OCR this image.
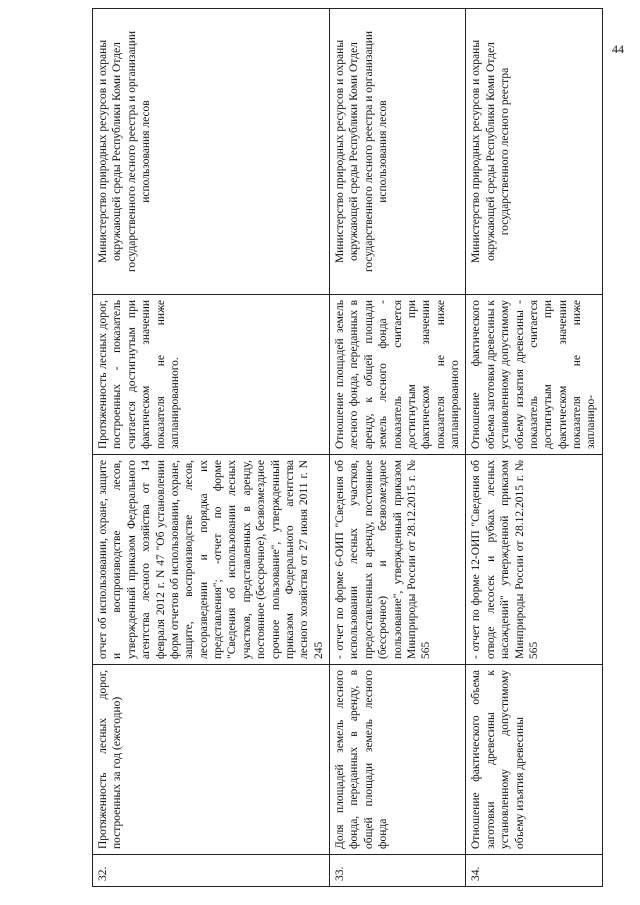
44
32.	Протяженность лесных дорог, построенных за год (ежегодно)	отчет об использовании, охране, защите и воспроизводстве лесов, утвержденный приказом Федерального агентства лесного хозяйства от 14 февраля 2012 г. N 47 "Об установлении форм отчетов об использовании, охране, защите, воспроизводстве лесов, лесоразведении и порядка их представления"; -отчет по форме "Сведения об использовании лесных участков, представленных в аренду, постоянное (бессрочное), безвозмездное срочное пользование", утвержденный приказом Федерального агентства лесного хозяйства от 27 июня 2011 г. N 245	Протяженность лесных дорог, построенных - показатель считается достигнутым при фактическом значении показателя не ниже запланированного.	Министерство природных ресурсов и охраны окружающей среды Республики Коми Отдел государственного лесного реестра и организации использования лесов
33.	Доля площадей земель лесного фонда, переданных в аренду, в общей площади земель лесного фонда	- отчет по форме 6-ОИП "Сведения об использовании лесных участков, предоставленных в аренду, постоянное (бессрочное) и безвозмездное пользование", утвержденный приказом Минприроды России от 28.12.2015 г. № 565	Отношение площадей земель лесного фонда, переданных в аренду, к общей площади земель лесного фонда - показатель считается достигнутым при фактическом значении показателя не ниже запланированного	Министерство природных ресурсов и охраны окружающей среды Республики Коми Отдел государственного лесного реестра и организации использования лесов
34.	Отношение фактического объема заготовки древесины к установленному допустимому объему изъятия древесины	- отчет по форме 12-ОИП "Сведения об отводе лесосек и рубках лесных насаждений" утвержденной приказом Минприроды России от 28.12.2015 г. № 565	Отношение фактического объема заготовки древесины к установленному допустимому объему изъятия древесины - показатель считается достигнутым при фактическом значении показателя не ниже запланиро-	Министерство природных ресурсов и охраны окружающей среды Республики Коми Отдел государственного лесного реестра
